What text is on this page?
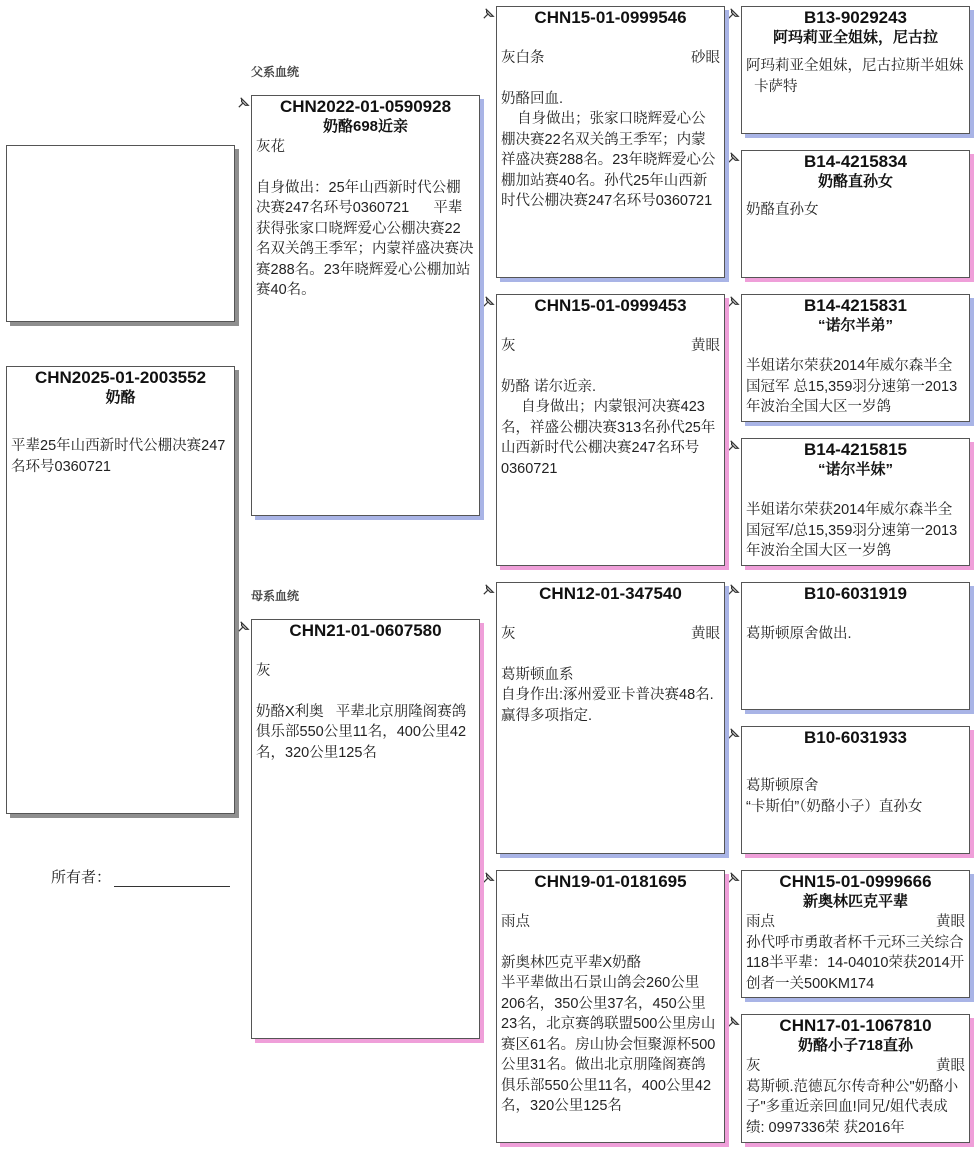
CHN2025-01-2003552
奶酪
平辈25年山西新时代公棚决赛247名环号0360721
所有者：
父系血统
母系血统
CHN2022-01-0590928
奶酪698近亲
灰花
自身做出：25年山西新时代公棚决赛247名环号0360721      平辈获得张家口晓辉爱心公棚决赛22名双关鸽王季军；内蒙祥盛决赛决赛288名。23年晓辉爱心公棚加站赛40名。
CHN21-01-0607580
灰
奶酪X利奥   平辈北京朋隆阁赛鸽俱乐部550公里11名，400公里42名，320公里125名
CHN15-01-0999546
灰白条	砂眼
奶酪回血.
自身做出；张家口晓辉爱心公棚决赛22名双关鸽王季军；内蒙祥盛决赛288名。23年晓辉爱心公棚加站赛40名。孙代25年山西新时代公棚决赛247名环号0360721
CHN15-01-0999453
灰	黄眼
奶酪 诺尔近亲.
自身做出；内蒙银河决赛423名，祥盛公棚决赛313名孙代25年山西新时代公棚决赛247名环号0360721
CHN12-01-347540
灰	黄眼
葛斯顿血系
自身作出:涿州爱亚卡普决赛48名.
赢得多项指定.
CHN19-01-0181695
雨点
新奥林匹克平辈X奶酪
半平辈做出石景山鸽会260公里206名，350公里37名，450公里23名，北京赛鸽联盟500公里房山赛区61名。房山协会恒聚源杯500公里31名。做出北京朋隆阁赛鸽俱乐部550公里11名，400公里42名，320公里125名
B13-9029243
阿玛莉亚全姐妹，尼古拉
阿玛莉亚全姐妹，尼古拉斯半姐妹
卡萨特
B14-4215834
奶酪直孙女
奶酪直孙女
B14-4215831
“诺尔半弟”
半姐诺尔荣获2014年威尔森半全国冠军 总15,359羽分速第一2013年波治全国大区一岁鸽
B14-4215815
“诺尔半妹”
半姐诺尔荣获2014年威尔森半全国冠军/总15,359羽分速第一2013年波治全国大区一岁鸽
B10-6031919
葛斯顿原舍做出.
B10-6031933
葛斯顿原舍
“卡斯伯”（奶酪小子）直孙女
CHN15-01-0999666
新奥林匹克平辈
雨点	黄眼
孙代呼市勇敢者杯千元环三关综合118半平辈：14-04010荣获2014开创者一关500KM174
CHN17-01-1067810
奶酪小子718直孙
灰	黄眼
葛斯顿.范德瓦尔传奇种公"奶酪小子"多重近亲回血!同兄/姐代表成绩: 0997336荣 获2016年
